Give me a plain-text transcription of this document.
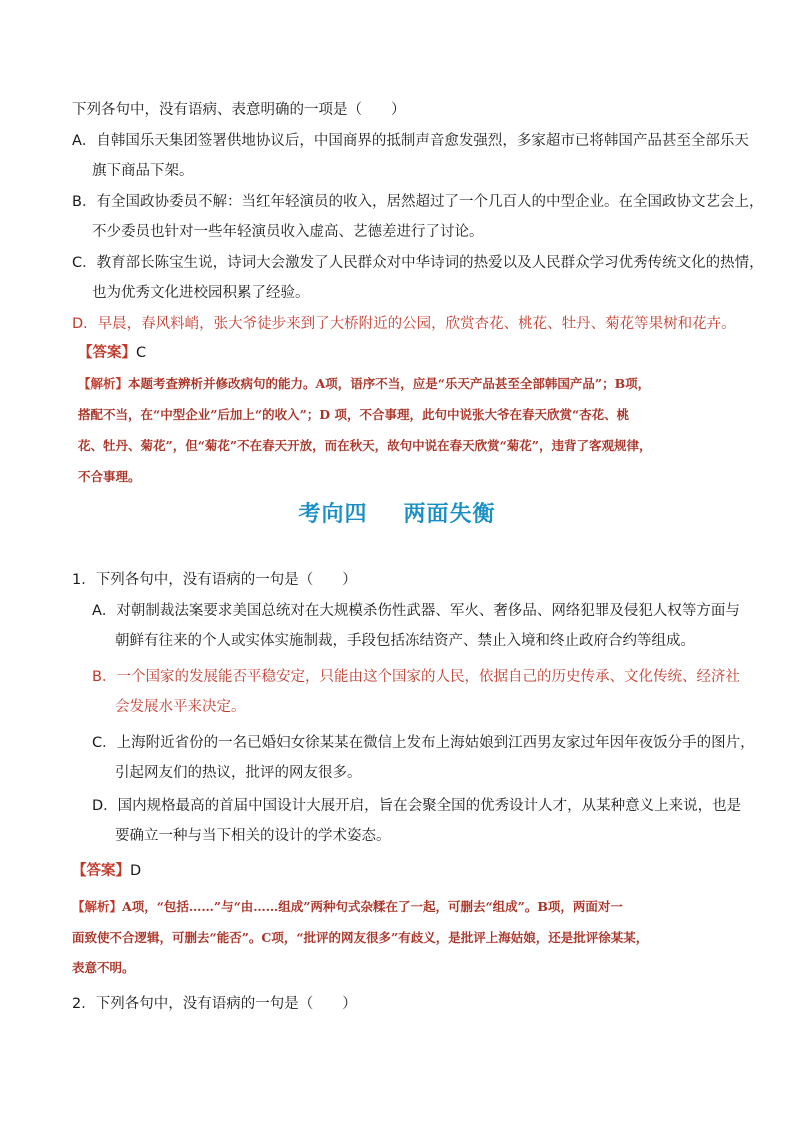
下列各句中，没有语病、表意明确的一项是（　　）
A．自韩国乐天集团签署供地协议后，中国商界的抵制声音愈发强烈，多家超市已将韩国产品甚至全部乐天
旗下商品下架。
B．有全国政协委员不解：当红年轻演员的收入，居然超过了一个几百人的中型企业。在全国政协文艺会上，
不少委员也针对一些年轻演员收入虚高、艺德差进行了讨论。
C．教育部长陈宝生说，诗词大会激发了人民群众对中华诗词的热爱以及人民群众学习优秀传统文化的热情，
也为优秀文化进校园积累了经验。
D．早晨，春风料峭，张大爷徒步来到了大桥附近的公园，欣赏杏花、桃花、牡丹、菊花等果树和花卉。
【答案】C
【解析】本题考查辨析并修改病句的能力。A项，语序不当，应是“乐天产品甚至全部韩国产品”；B项，
搭配不当，在“中型企业”后加上“的收入”；D 项，不合事理，此句中说张大爷在春天欣赏“杏花、桃
花、牡丹、菊花”，但“菊花”不在春天开放，而在秋天，故句中说在春天欣赏“菊花”，违背了客观规律，
不合事理。
考向四 两面失衡
1．下列各句中，没有语病的一句是（　　）
A．对朝制裁法案要求美国总统对在大规模杀伤性武器、军火、奢侈品、网络犯罪及侵犯人权等方面与
朝鲜有往来的个人或实体实施制裁，手段包括冻结资产、禁止入境和终止政府合约等组成。
B．一个国家的发展能否平稳安定，只能由这个国家的人民，依据自己的历史传承、文化传统、经济社
会发展水平来决定。
C．上海附近省份的一名已婚妇女徐某某在微信上发布上海姑娘到江西男友家过年因年夜饭分手的图片，
引起网友们的热议，批评的网友很多。
D．国内规格最高的首届中国设计大展开启，旨在会聚全国的优秀设计人才，从某种意义上来说，也是
要确立一种与当下相关的设计的学术姿态。
【答案】D
【解析】A项，“包括……”与“由……组成”两种句式杂糅在了一起，可删去“组成”。B项，两面对一
面致使不合逻辑，可删去“能否”。C项，“批评的网友很多”有歧义，是批评上海姑娘，还是批评徐某某，
表意不明。
2．下列各句中，没有语病的一句是（　　）
